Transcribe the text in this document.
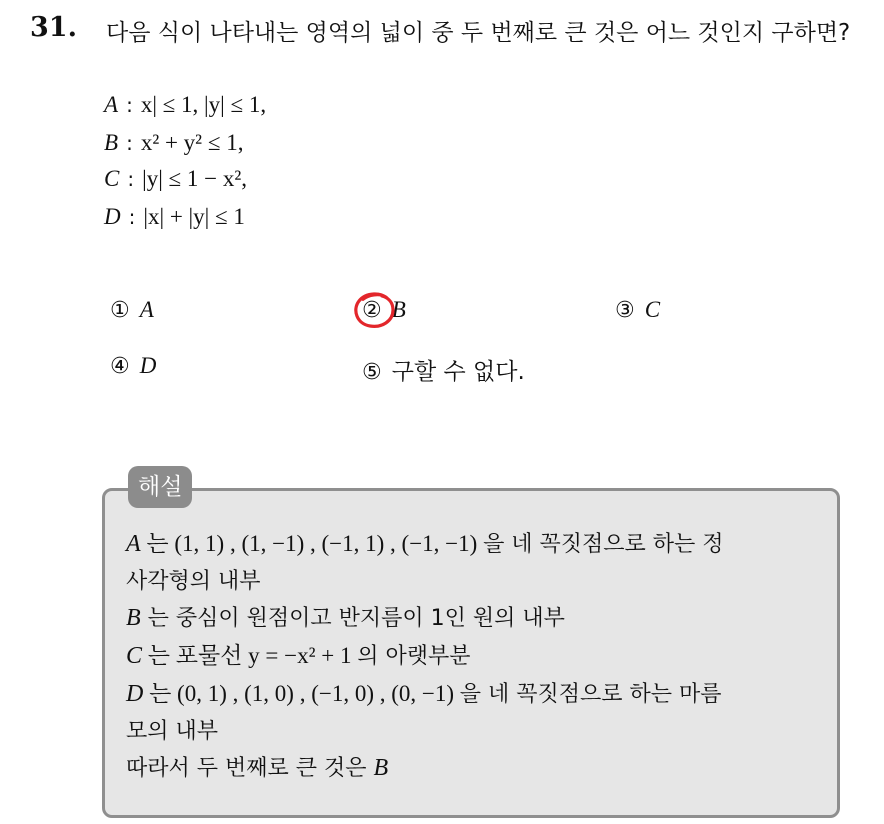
31. 다음 식이 나타내는 영역의 넓이 중 두 번째로 큰 것은 어느 것인지 구하면?
A : x| ≤ 1, |y| ≤ 1,
B : x² + y² ≤ 1,
C : |y| ≤ 1 − x²,
D : |x| + |y| ≤ 1
① A	② B	③ C
④ D	⑤ 구할 수 없다.
해설
A 는 (1, 1) , (1, −1) , (−1, 1) , (−1, −1) 을 네 꼭짓점으로 하는 정
사각형의 내부
B 는 중심이 원점이고 반지름이 1인 원의 내부
C 는 포물선 y = −x² + 1 의 아랫부분
D 는 (0, 1) , (1, 0) , (−1, 0) , (0, −1) 을 네 꼭짓점으로 하는 마름
모의 내부
따라서 두 번째로 큰 것은 B
